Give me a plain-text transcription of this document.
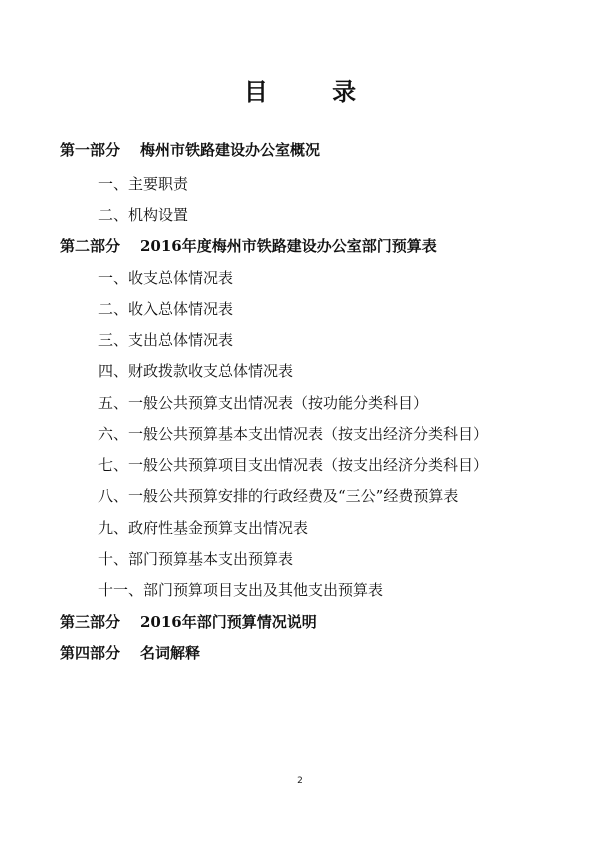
目 录
第一部分 梅州市铁路建设办公室概况
一、主要职责
二、机构设置
第二部分 2016年度梅州市铁路建设办公室部门预算表
一、收支总体情况表
二、收入总体情况表
三、支出总体情况表
四、财政拨款收支总体情况表
五、一般公共预算支出情况表（按功能分类科目）
六、一般公共预算基本支出情况表（按支出经济分类科目）
七、一般公共预算项目支出情况表（按支出经济分类科目）
八、一般公共预算安排的行政经费及“三公”经费预算表
九、政府性基金预算支出情况表
十、部门预算基本支出预算表
十一、部门预算项目支出及其他支出预算表
第三部分 2016年部门预算情况说明
第四部分 名词解释
2
